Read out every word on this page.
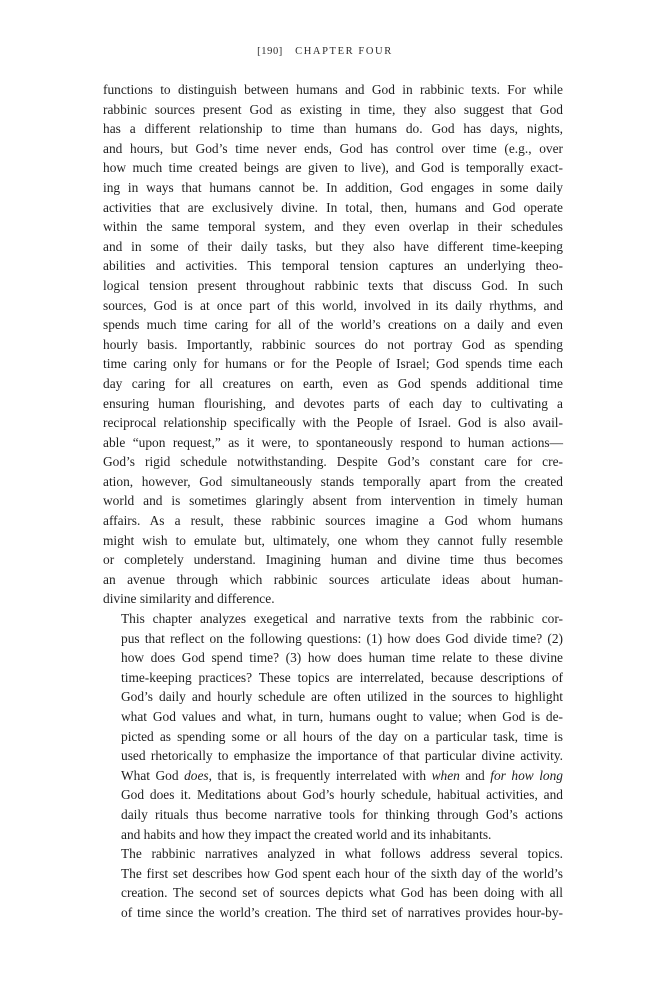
[190] CHAPTER FOUR

functions to distinguish between humans and God in rabbinic texts. For while
rabbinic sources present God as existing in time, they also suggest that God
has a different relationship to time than humans do. God has days, nights,
and hours, but God’s time never ends, God has control over time (e.g., over
how much time created beings are given to live), and God is temporally exact-
ing in ways that humans cannot be. In addition, God engages in some daily
activities that are exclusively divine. In total, then, humans and God operate
within the same temporal system, and they even overlap in their schedules
and in some of their daily tasks, but they also have different time-keeping
abilities and activities. This temporal tension captures an underlying theo-
logical tension present throughout rabbinic texts that discuss God. In such
sources, God is at once part of this world, involved in its daily rhythms, and
spends much time caring for all of the world’s creations on a daily and even
hourly basis. Importantly, rabbinic sources do not portray God as spending
time caring only for humans or for the People of Israel; God spends time each
day caring for all creatures on earth, even as God spends additional time
ensuring human flourishing, and devotes parts of each day to cultivating a
reciprocal relationship specifically with the People of Israel. God is also avail-
able “upon request,” as it were, to spontaneously respond to human actions—
God’s rigid schedule notwithstanding. Despite God’s constant care for cre-
ation, however, God simultaneously stands temporally apart from the created
world and is sometimes glaringly absent from intervention in timely human
affairs. As a result, these rabbinic sources imagine a God whom humans
might wish to emulate but, ultimately, one whom they cannot fully resemble
or completely understand. Imagining human and divine time thus becomes
an avenue through which rabbinic sources articulate ideas about human-
divine similarity and difference.

This chapter analyzes exegetical and narrative texts from the rabbinic cor-
pus that reflect on the following questions: (1) how does God divide time? (2)
how does God spend time? (3) how does human time relate to these divine
time-keeping practices? These topics are interrelated, because descriptions of
God’s daily and hourly schedule are often utilized in the sources to highlight
what God values and what, in turn, humans ought to value; when God is de-
picted as spending some or all hours of the day on a particular task, time is
used rhetorically to emphasize the importance of that particular divine activity.
What God does, that is, is frequently interrelated with when and for how long
God does it. Meditations about God’s hourly schedule, habitual activities, and
daily rituals thus become narrative tools for thinking through God’s actions
and habits and how they impact the created world and its inhabitants.

The rabbinic narratives analyzed in what follows address several topics.
The first set describes how God spent each hour of the sixth day of the world’s
creation. The second set of sources depicts what God has been doing with all
of time since the world’s creation. The third set of narratives provides hour-by-
